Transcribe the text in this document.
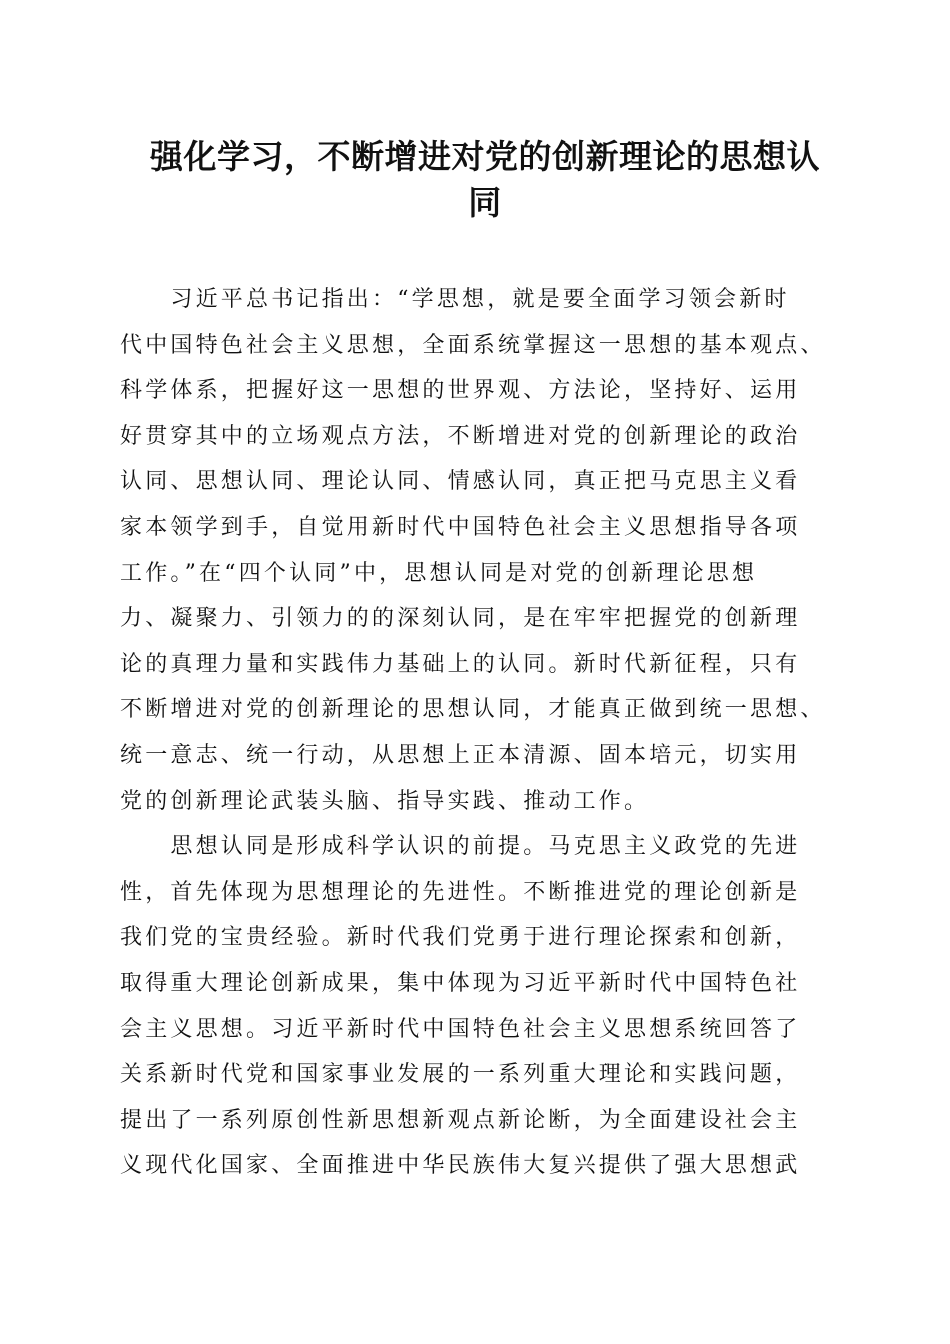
强化学习，不断增进对党的创新理论的思想认
同
　　习近平总书记指出：“学思想，就是要全面学习领会新时
代中国特色社会主义思想，全面系统掌握这一思想的基本观点、
科学体系，把握好这一思想的世界观、方法论，坚持好、运用
好贯穿其中的立场观点方法，不断增进对党的创新理论的政治
认同、思想认同、理论认同、情感认同，真正把马克思主义看
家本领学到手，自觉用新时代中国特色社会主义思想指导各项
工作。”在“四个认同”中，思想认同是对党的创新理论思想
力、凝聚力、引领力的的深刻认同，是在牢牢把握党的创新理
论的真理力量和实践伟力基础上的认同。新时代新征程，只有
不断增进对党的创新理论的思想认同，才能真正做到统一思想、
统一意志、统一行动，从思想上正本清源、固本培元，切实用
党的创新理论武装头脑、指导实践、推动工作。
　　思想认同是形成科学认识的前提。马克思主义政党的先进
性，首先体现为思想理论的先进性。不断推进党的理论创新是
我们党的宝贵经验。新时代我们党勇于进行理论探索和创新，
取得重大理论创新成果，集中体现为习近平新时代中国特色社
会主义思想。习近平新时代中国特色社会主义思想系统回答了
关系新时代党和国家事业发展的一系列重大理论和实践问题，
提出了一系列原创性新思想新观点新论断，为全面建设社会主
义现代化国家、全面推进中华民族伟大复兴提供了强大思想武
